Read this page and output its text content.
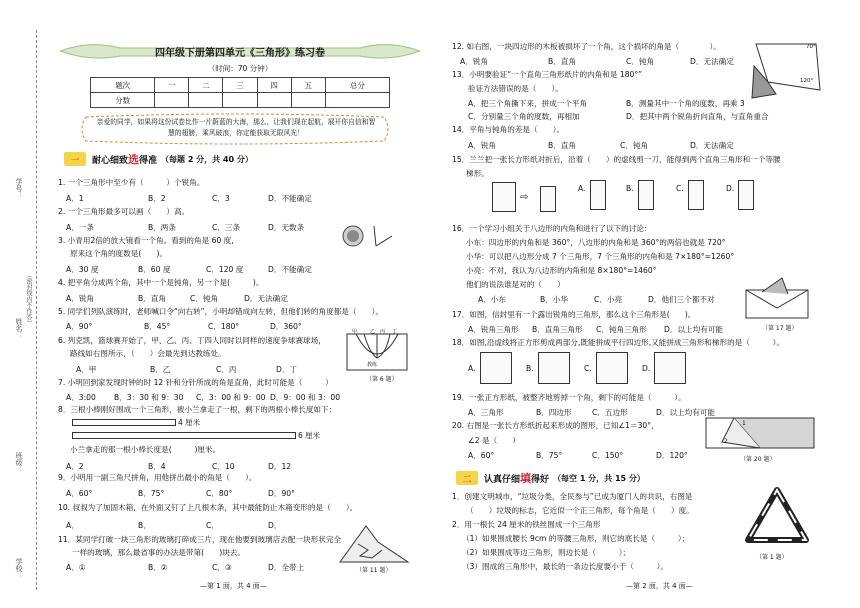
学号：
姓名：
（密封线内不作答）
班级：
学校：
四年级下册第四单元《三角形》练习卷
（时间：70 分钟）
题次	一	二	三	四	五	总分
分数						
亲爱的同学，如果将这份试卷比作一片蔚蓝的大海，那么，让我们现在起航，展开你自信和智慧的翅膀，乘风破浪，你定能获取无限风光！
一	耐心细致选得准 （每题 2 分，共 40 分）
1. 一个三角形中至少有（　　　）个锐角。
A．1	B．2	C．3	D．不能确定
2. 一个三角形最多可以画（　　）高。
A．一条	B．两条	C．三条	D．无数条
3. 小青用2倍的放大镜看一个角。看到的角是 60 度,
原来这个角的度数是(　　)。
A．30 度	B．60 度	C．120 度	D．不能确定
4. 把平角分成两个角，其中一个是钝角，另一个是(　　　)。
A．锐角	B．直角	C．钝角	D．无法确定
5. 同学们列队演练时，老师喊口令“向右转”，小明却错成向左转，但他们转的角度都是（　　）。
A．90°	B．45°	C．180°	D．360°
6. 列克凯，篮球赛开始了，甲、乙、丙、丁四人同时以同样的速度争球赛球场，
路线如右图所示，（　　）会最先到达教练处。
A．甲	B．乙	C．丙	D．丁
甲	乙 丙 丁
教练
（第 6 题）
7. 小明回到家发现时钟的时 12 针和分针所成的角是直角，此时可能是（　　　）
A．3:00 B．3：30 和 9：30 C．3：00 和 9：00 D．9：00 和 3：00
8．三根小棒刚好围成一个三角形，被小兰拿走了一根，剩下的两根小棒长度如下：
4 厘米
6 厘米
小兰拿走的那一根小棒长度是(　　　)厘米。
A．2	B．4	C．10	D．12
9．小明用一副三角尺拼角，用他拼出最小的角是（　　）。
A．60°	B．75°	C．80°	D．90°
10. 叔叔为了加固木箱，在外面又钉了上几根木条，其中最能防止木箱变形的是（　　）。
A．	B．	C．	D．
11．某同学打破一块三角形的玻璃打碎成三片，现在他要到玻璃店去配一块形状完全
一样的玻璃，那么最省事的办法是带第(　　)块去。
A．①	B．②	C．③	D．全带上	（第 11 题）
—第 1 面，共 4 面—
12. 如右图，一块四边形的木板被损坏了一个角，这个损坏的角是（　　　　）。
A．锐角	B．直角	C．钝角	D．无法确定
70°
120°
13．小明要验证“一个直角三角形纸片的内角和是 180°”
验证方法错误的是（　　）。
A．把三个角撕下来，拼成一个平角	B．测量其中一个角的度数，再乘 3
C．分别量三个角的度数，再相加	D．把其中两个锐角折向直角，与直角重合
14．平角与钝角的差是（　　）。
A．锐角	B．直角	C．钝角	D．无法确定
15．兰兰把一张长方形纸对折后，沿着（　　）的虚线剪一刀，能得到两个直角三角形和一个等腰
梯形。
⇨
A.	B.	C.	D.
16．一个学习小组关于八边形的内角和进行了以下的讨论：
小东：四边形的内角和是 360°，八边形的内角和是 360°的两倍也就是 720°
小华：可以把八边形分成 7 个三角形，7 个三角形的内角和是 7×180°=1260°
小亮：不对，我认为八边形的内角和是 8×180°=1460°
他们的说法谁是对的（　　）
A．小东	B．小华	C．小亮	D．他们三个都不对
（第 17 题）
17．如图，信封里有一个露出锐角的三角形，那么这个三角形是(　　)。
A．锐角三角形 B．直角三角形 C．钝角三角形 D．以上均有可能
18．如图,沿虚线将正方形剪成两部分,既能拼成平行四边形,又能拼成三角形和梯形的是（　　　）。
A.	B.	C.	D.
19．一张正方形纸，被整齐地剪掉一个角，剩下的可能是（　　　）。
A．三角形	B．四边形	C．五边形	D．以上均有可能
20. 右图是一张长方形纸折起来形成的图形，已知∠1＝30°，
∠2 是（　　）
A．60°	B．75°	C．150°	D．120°
1
2
（第 20 题）
二	认真仔细填得好 （每空 1 分，共 15 分）
1．创建文明城市，“垃圾分类，全民参与”已成为厦门人的共识，右图是
（　　）垃圾的标志，它近似一个正三角形，每个角是（　　）度。
2．用一根长 24 厘米的铁丝围成一个三角形
（1）如果围成腰长 9cm 的等腰三角形，则它的底长是（　　　）；
（2）如果围成等边三角形，则边长是（　　　）；
（3）围成的三角形中，最长的一条边长度要小于（　　　）。
（第 1 题）
—第 2 面，共 4 面—
